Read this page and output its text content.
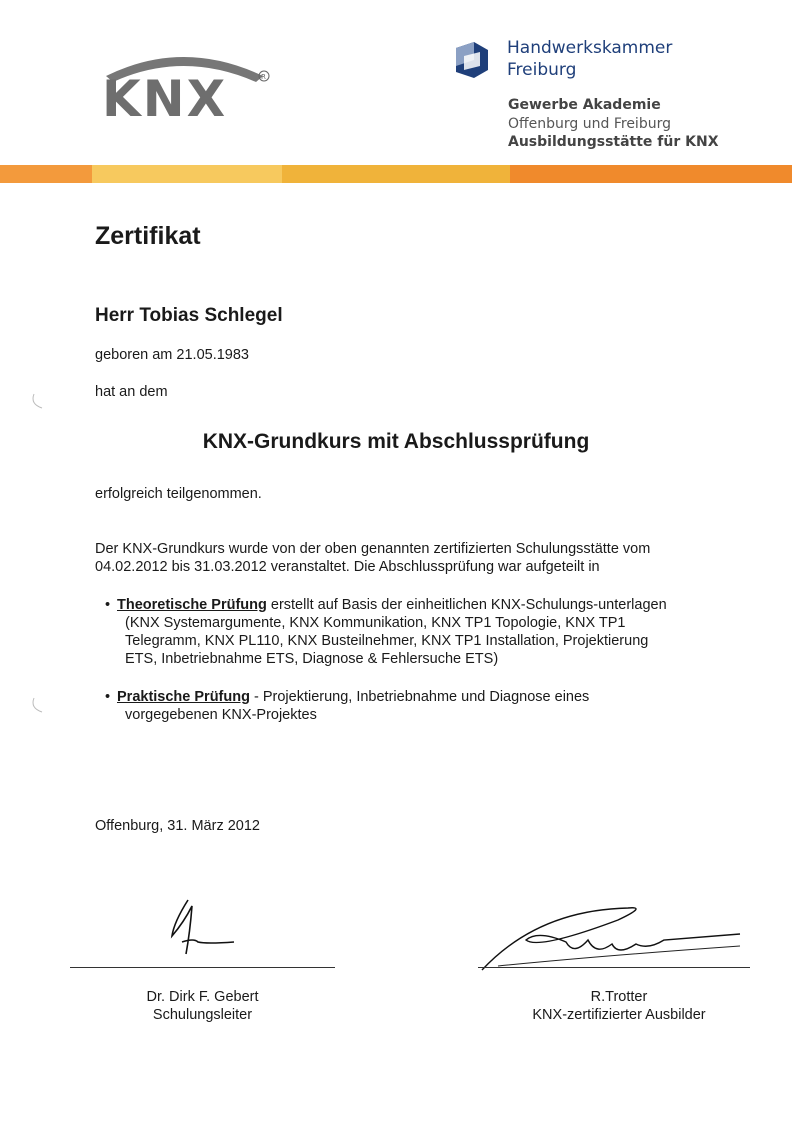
KNX	R
Handwerkskammer
Freiburg
Gewerbe Akademie
Offenburg und Freiburg
Ausbildungsstätte für KNX
Zertifikat
Herr Tobias Schlegel
geboren am 21.05.1983
hat an dem
KNX-Grundkurs mit Abschlussprüfung
erfolgreich teilgenommen.
Der KNX-Grundkurs wurde von der oben genannten zertifizierten Schulungsstätte vom
04.02.2012 bis 31.03.2012 veranstaltet. Die Abschlussprüfung war aufgeteilt in
• Theoretische Prüfung erstellt auf Basis der einheitlichen KNX-Schulungs-unterlagen
(KNX Systemargumente, KNX Kommunikation, KNX TP1 Topologie, KNX TP1
Telegramm, KNX PL110, KNX Busteilnehmer, KNX TP1 Installation, Projektierung
ETS, Inbetriebnahme ETS, Diagnose & Fehlersuche ETS)
• Praktische Prüfung - Projektierung, Inbetriebnahme und Diagnose eines
vorgegebenen KNX-Projektes
Offenburg, 31. März 2012
Dr. Dirk F. Gebert
Schulungsleiter
R.Trotter
KNX-zertifizierter Ausbilder
